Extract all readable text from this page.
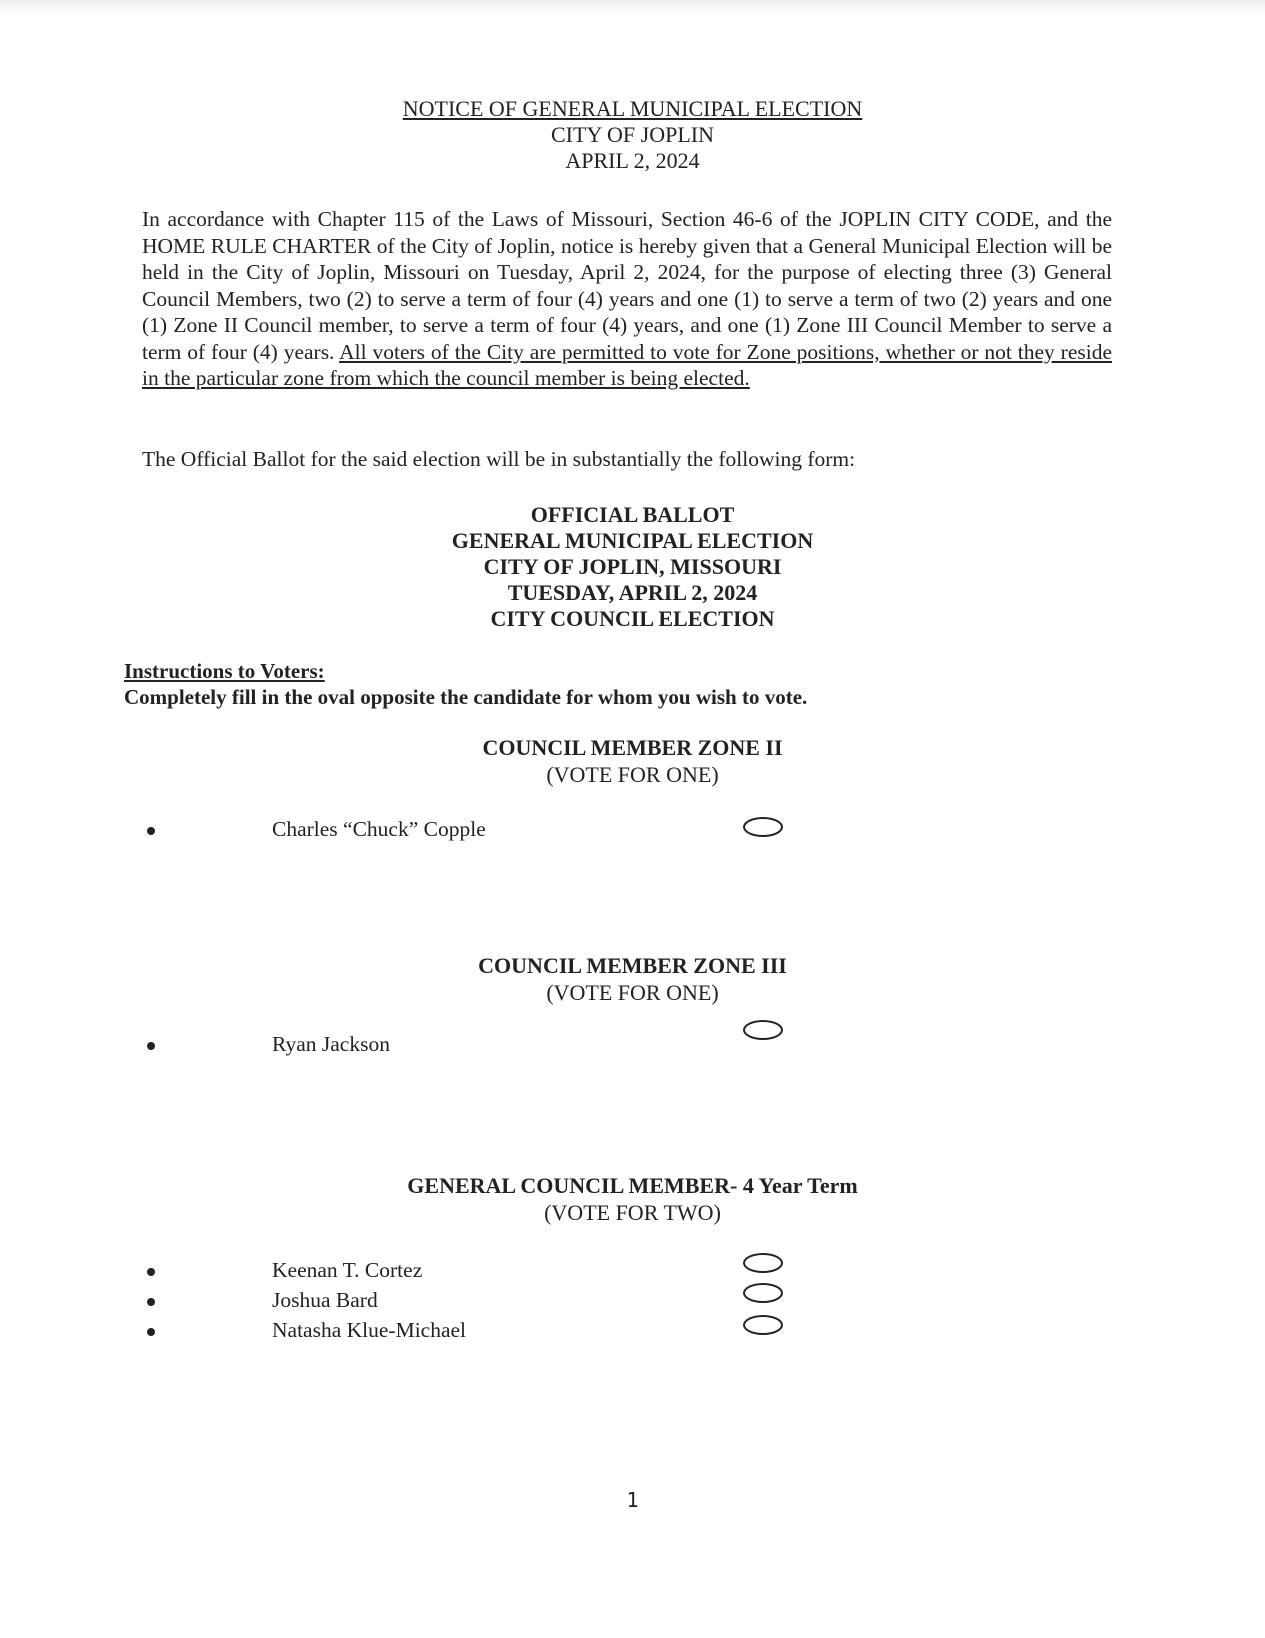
NOTICE OF GENERAL MUNICIPAL ELECTION
CITY OF JOPLIN
APRIL 2, 2024
In accordance with Chapter 115 of the Laws of Missouri, Section 46-6 of the JOPLIN CITY CODE, and the HOME RULE CHARTER of the City of Joplin, notice is hereby given that a General Municipal Election will be held in the City of Joplin, Missouri on Tuesday, April 2, 2024, for the purpose of electing three (3) General Council Members, two (2) to serve a term of four (4) years and one (1) to serve a term of two (2) years and one (1) Zone II Council member, to serve a term of four (4) years, and one (1) Zone III Council Member to serve a term of four (4) years. All voters of the City are permitted to vote for Zone positions, whether or not they reside in the particular zone from which the council member is being elected.
The Official Ballot for the said election will be in substantially the following form:
OFFICIAL BALLOT
GENERAL MUNICIPAL ELECTION
CITY OF JOPLIN, MISSOURI
TUESDAY, APRIL 2, 2024
CITY COUNCIL ELECTION
Instructions to Voters:
Completely fill in the oval opposite the candidate for whom you wish to vote.
COUNCIL MEMBER ZONE II
(VOTE FOR ONE)
Charles “Chuck” Copple
COUNCIL MEMBER ZONE III
(VOTE FOR ONE)
Ryan Jackson
GENERAL COUNCIL MEMBER- 4 Year Term
(VOTE FOR TWO)
Keenan T. Cortez
Joshua Bard
Natasha Klue-Michael
1
